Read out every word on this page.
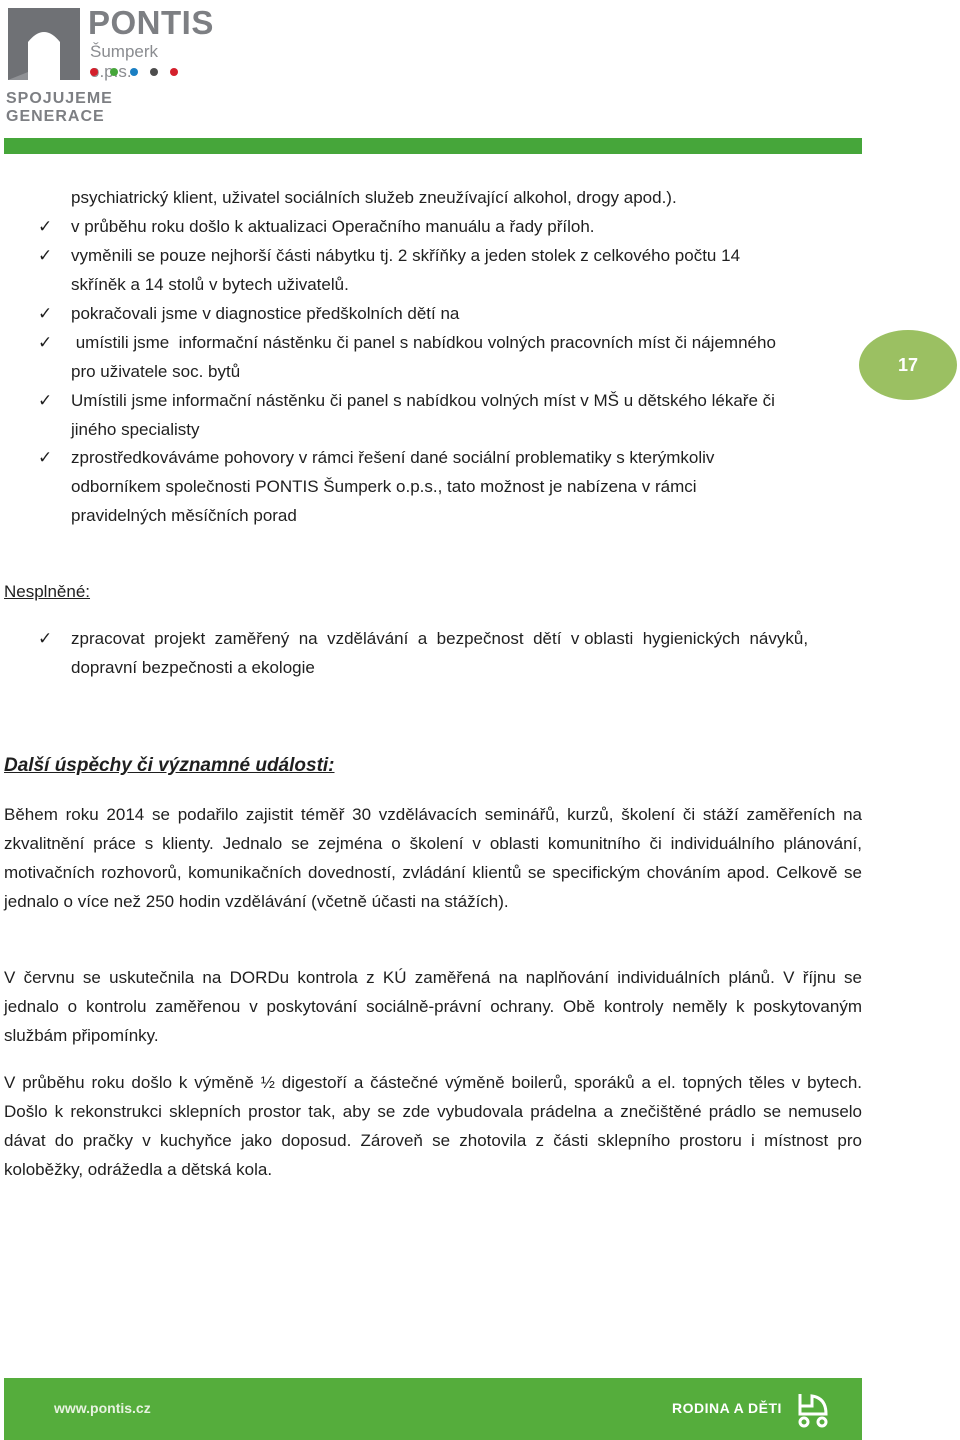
PONTIS
Šumperk
SPOJUJEME GENERACE
17
psychiatrický klient, uživatel sociálních služeb zneužívající alkohol, drogy apod.).
✓ v průběhu roku došlo k aktualizaci Operačního manuálu a řady příloh.
✓ vyměnili se pouze nejhorší části nábytku tj. 2 skříňky a jeden stolek z celkového počtu 14
skříněk a 14 stolů v bytech uživatelů.
✓ pokračovali jsme v diagnostice předškolních dětí na
✓ umístili jsme  informační nástěnku či panel s nabídkou volných pracovních míst či nájemného
pro uživatele soc. bytů
✓ Umístili jsme informační nástěnku či panel s nabídkou volných míst v MŠ u dětského lékaře či
jiného specialisty
✓ zprostředkováváme pohovory v rámci řešení dané sociální problematiky s kterýmkoliv
odborníkem společnosti PONTIS Šumperk o.p.s., tato možnost je nabízena v rámci
pravidelných měsíčních porad
Nesplněné:
✓ zpracovat  projekt  zaměřený  na  vzdělávání  a  bezpečnost  dětí  v oblasti  hygienických  návyků,
dopravní bezpečnosti a ekologie
Další úspěchy či významné události:
Během roku 2014 se podařilo zajistit téměř 30 vzdělávacích seminářů, kurzů, školení či stáží zaměřeních na zkvalitnění práce s klienty. Jednalo se zejména o školení v oblasti komunitního či individuálního plánování, motivačních rozhovorů, komunikačních dovedností, zvládání klientů se specifickým chováním apod. Celkově se jednalo o více než 250 hodin vzdělávání (včetně účasti na stážích).
V červnu se uskutečnila na DORDu kontrola z KÚ zaměřená na naplňování individuálních plánů. V říjnu se jednalo o kontrolu zaměřenou v poskytování sociálně-právní ochrany. Obě kontroly neměly k poskytovaným službám připomínky.
V průběhu roku došlo k výměně ½ digestoří a částečné výměně boilerů, sporáků a el. topných těles v bytech. Došlo k rekonstrukci sklepních prostor tak, aby se zde vybudovala prádelna a znečištěné prádlo se nemuselo dávat do pračky v kuchyňce jako doposud. Zároveň se zhotovila z části sklepního prostoru i místnost pro koloběžky, odrážedla a dětská kola.
www.pontis.cz	RODINA A DĚTI
